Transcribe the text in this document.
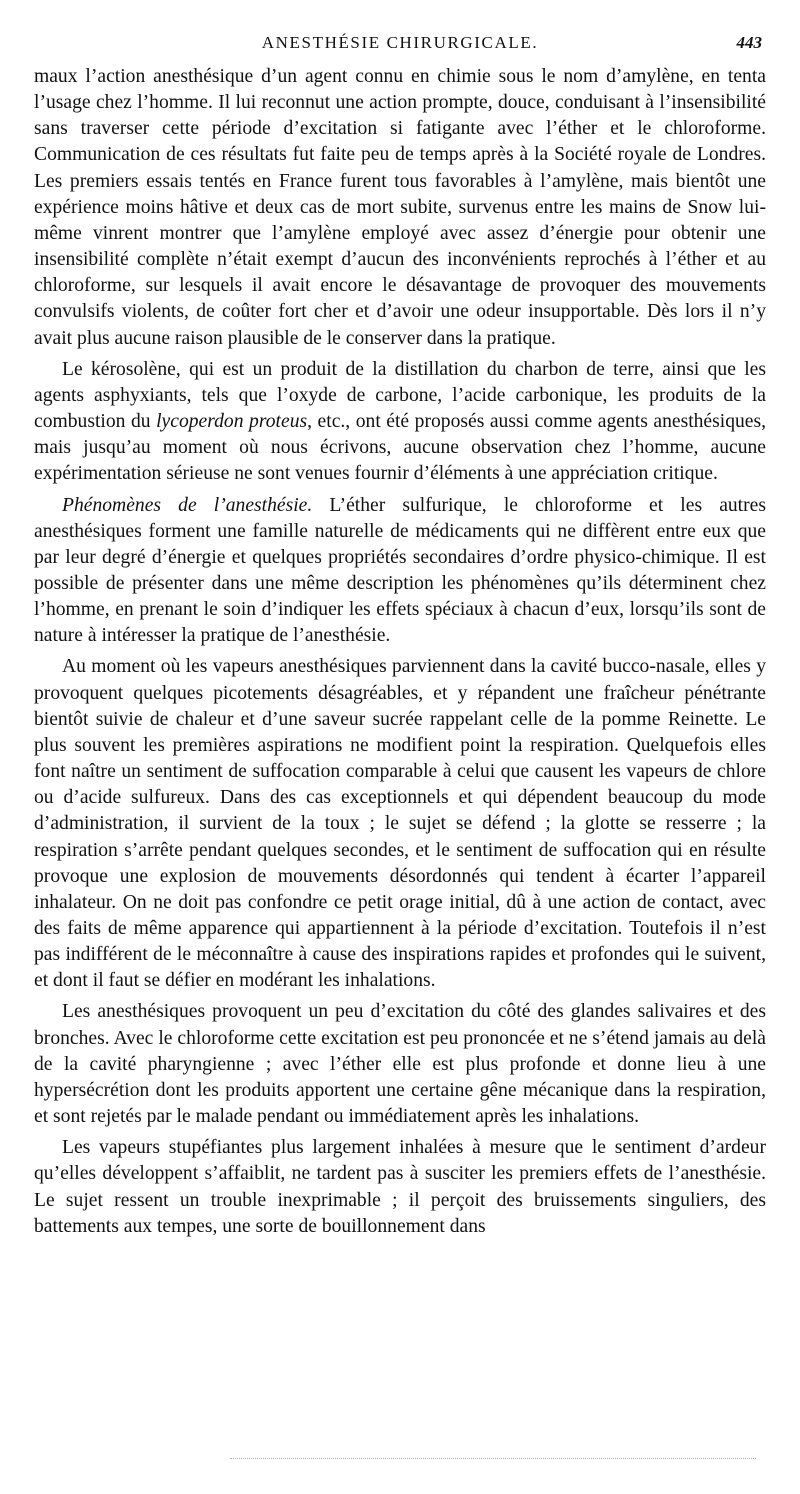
ANESTHÉSIE CHIRURGICALE.	443

maux l’action anesthésique d’un agent connu en chimie sous le nom d’amylène, en tenta l’usage chez l’homme. Il lui reconnut une action prompte, douce, conduisant à l’insensibilité sans traverser cette période d’excitation si fatigante avec l’éther et le chloroforme. Communication de ces résultats fut faite peu de temps après à la Société royale de Londres. Les premiers essais tentés en France furent tous favorables à l’amylène, mais bientôt une expérience moins hâtive et deux cas de mort subite, survenus entre les mains de Snow lui-même vinrent montrer que l’amylène employé avec assez d’énergie pour obtenir une insensibilité complète n’était exempt d’aucun des inconvénients reprochés à l’éther et au chloroforme, sur lesquels il avait encore le désavantage de provoquer des mouvements convulsifs violents, de coûter fort cher et d’avoir une odeur insupportable. Dès lors il n’y avait plus aucune raison plausible de le conserver dans la pratique.

Le kérosolène, qui est un produit de la distillation du charbon de terre, ainsi que les agents asphyxiants, tels que l’oxyde de carbone, l’acide carbonique, les produits de la combustion du lycoperdon proteus, etc., ont été proposés aussi comme agents anesthésiques, mais jusqu’au moment où nous écrivons, aucune observation chez l’homme, aucune expérimentation sérieuse ne sont venues fournir d’éléments à une appréciation critique.

Phénomènes de l’anesthésie. L’éther sulfurique, le chloroforme et les autres anesthésiques forment une famille naturelle de médicaments qui ne diffèrent entre eux que par leur degré d’énergie et quelques propriétés secondaires d’ordre physico-chimique. Il est possible de présenter dans une même description les phénomènes qu’ils déterminent chez l’homme, en prenant le soin d’indiquer les effets spéciaux à chacun d’eux, lorsqu’ils sont de nature à intéresser la pratique de l’anesthésie.

Au moment où les vapeurs anesthésiques parviennent dans la cavité bucco-nasale, elles y provoquent quelques picotements désagréables, et y répandent une fraîcheur pénétrante bientôt suivie de chaleur et d’une saveur sucrée rappelant celle de la pomme Reinette. Le plus souvent les premières aspirations ne modifient point la respiration. Quelquefois elles font naître un sentiment de suffocation comparable à celui que causent les vapeurs de chlore ou d’acide sulfureux. Dans des cas exceptionnels et qui dépendent beaucoup du mode d’administration, il survient de la toux ; le sujet se défend ; la glotte se resserre ; la respiration s’arrête pendant quelques secondes, et le sentiment de suffocation qui en résulte provoque une explosion de mouvements désordonnés qui tendent à écarter l’appareil inhalateur. On ne doit pas confondre ce petit orage initial, dû à une action de contact, avec des faits de même apparence qui appartiennent à la période d’excitation. Toutefois il n’est pas indifférent de le méconnaître à cause des inspirations rapides et profondes qui le suivent, et dont il faut se défier en modérant les inhalations.

Les anesthésiques provoquent un peu d’excitation du côté des glandes salivaires et des bronches. Avec le chloroforme cette excitation est peu prononcée et ne s’étend jamais au delà de la cavité pharyngienne ; avec l’éther elle est plus profonde et donne lieu à une hypersécrétion dont les produits apportent une certaine gêne mécanique dans la respiration, et sont rejetés par le malade pendant ou immédiatement après les inhalations.

Les vapeurs stupéfiantes plus largement inhalées à mesure que le sentiment d’ardeur qu’elles développent s’affaiblit, ne tardent pas à susciter les premiers effets de l’anesthésie. Le sujet ressent un trouble inexprimable ; il perçoit des bruissements singuliers, des battements aux tempes, une sorte de bouillonnement dans
